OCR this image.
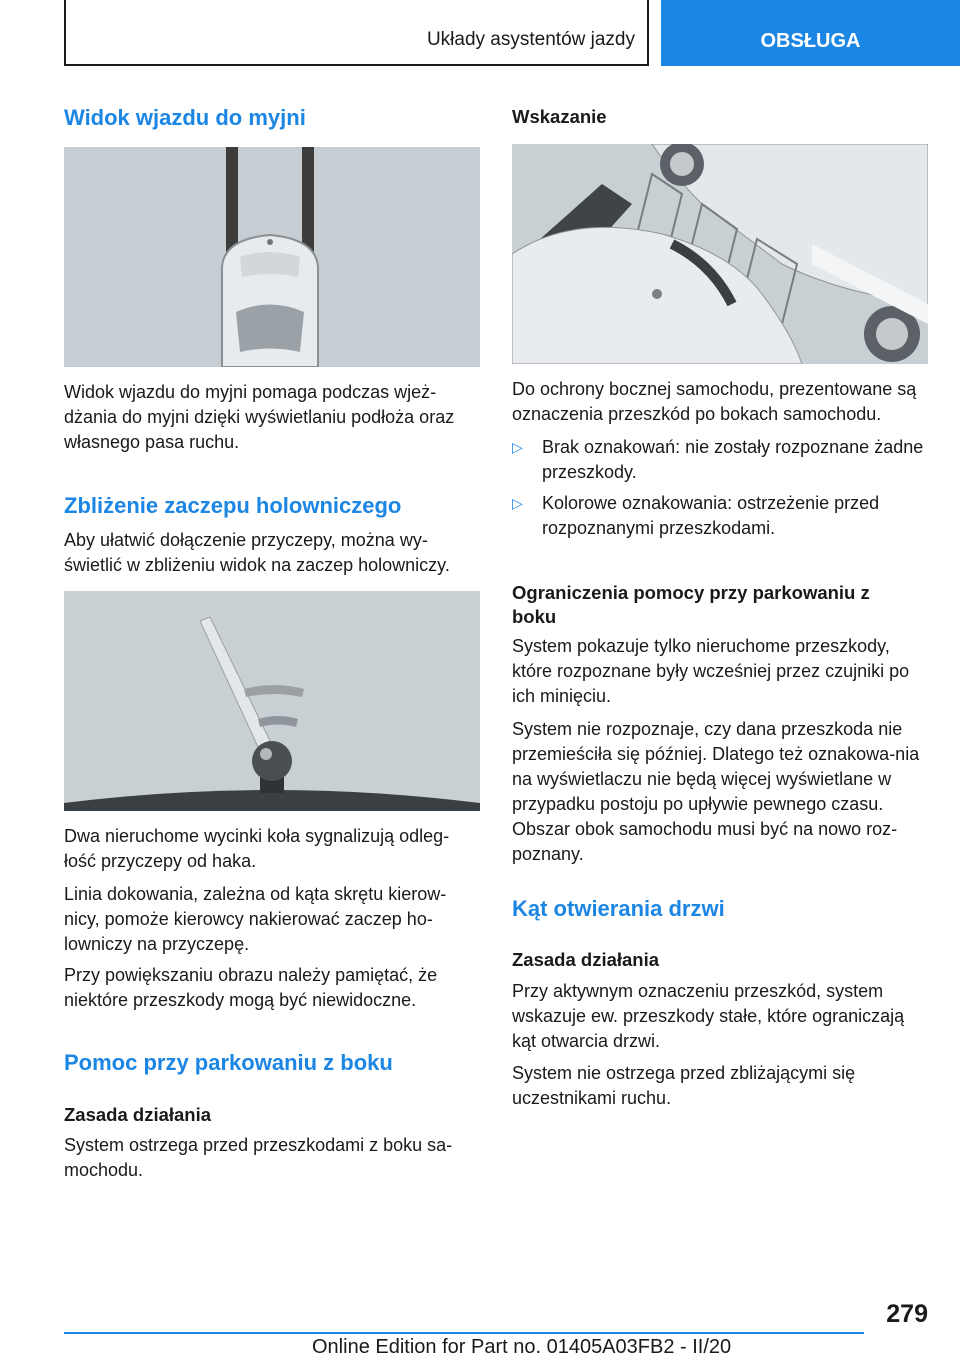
Układy asystentów jazdy	OBSŁUGA
Widok wjazdu do myjni
Widok wjazdu do myjni pomaga podczas wjeż-dżania do myjni dzięki wyświetlaniu podłoża oraz własnego pasa ruchu.
Zbliżenie zaczepu holowniczego
Aby ułatwić dołączenie przyczepy, można wy-świetlić w zbliżeniu widok na zaczep holowniczy.
Dwa nieruchome wycinki koła sygnalizują odleg-łość przyczepy od haka.
Linia dokowania, zależna od kąta skrętu kierow-nicy, pomoże kierowcy nakierować zaczep ho-lowniczy na przyczepę.
Przy powiększaniu obrazu należy pamiętać, że niektóre przeszkody mogą być niewidoczne.
Pomoc przy parkowaniu z boku
Zasada działania
System ostrzega przed przeszkodami z boku sa-mochodu.
Wskazanie
Do ochrony bocznej samochodu, prezentowane są oznaczenia przeszkód po bokach samochodu.
▷ Brak oznakowań: nie zostały rozpoznane żadne przeszkody.
▷ Kolorowe oznakowania: ostrzeżenie przed rozpoznanymi przeszkodami.
Ograniczenia pomocy przy parkowaniu z boku
System pokazuje tylko nieruchome przeszkody, które rozpoznane były wcześniej przez czujniki po ich minięciu.
System nie rozpoznaje, czy dana przeszkoda nie przemieściła się później. Dlatego też oznakowa-nia na wyświetlaczu nie będą więcej wyświetlane w przypadku postoju po upływie pewnego czasu. Obszar obok samochodu musi być na nowo roz-poznany.
Kąt otwierania drzwi
Zasada działania
Przy aktywnym oznaczeniu przeszkód, system wskazuje ew. przeszkody stałe, które ograniczają kąt otwarcia drzwi.
System nie ostrzega przed zbliżającymi się uczestnikami ruchu.
279
Online Edition for Part no. 01405A03FB2 - II/20
